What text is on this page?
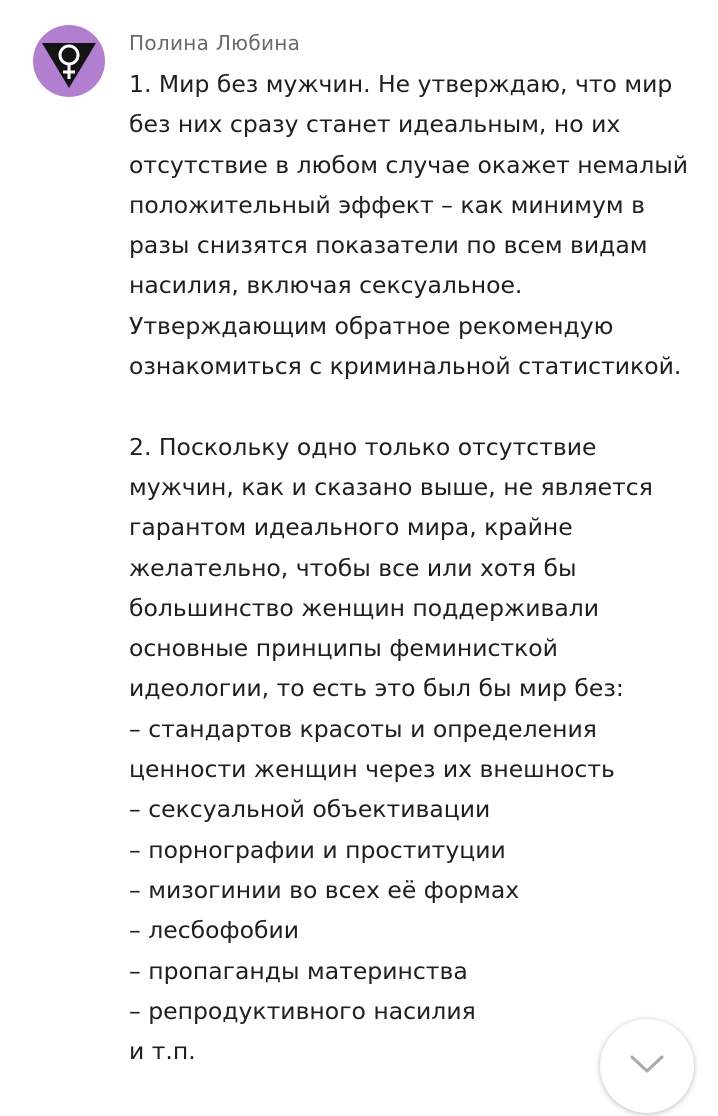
Полина Любина

1. Мир без мужчин. Не утверждаю, что мир без них сразу станет идеальным, но их отсутствие в любом случае окажет немалый положительный эффект – как минимум в разы снизятся показатели по всем видам насилия, включая сексуальное. Утверждающим обратное рекомендую ознакомиться с криминальной статистикой.

2. Поскольку одно только отсутствие мужчин, как и сказано выше, не является гарантом идеального мира, крайне желательно, чтобы все или хотя бы большинство женщин поддерживали основные принципы феминисткой идеологии, то есть это был бы мир без:
– стандартов красоты и определения ценности женщин через их внешность
– сексуальной объективации
– порнографии и проституции
– мизогинии во всех её формах
– лесбофобии
– пропаганды материнства
– репродуктивного насилия
и т.п.
